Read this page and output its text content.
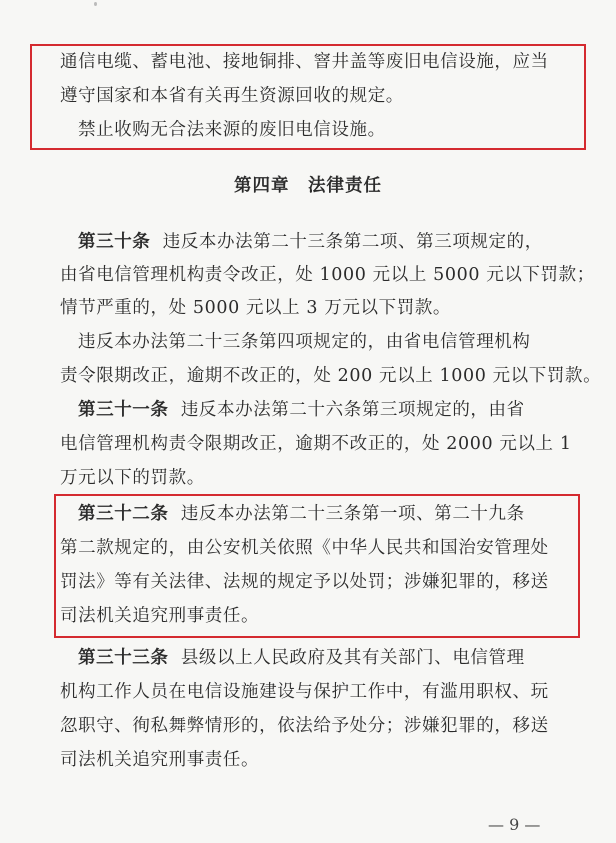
通信电缆、蓄电池、接地铜排、窨井盖等废旧电信设施，应当
遵守国家和本省有关再生资源回收的规定。
禁止收购无合法来源的废旧电信设施。
第四章　法律责任
第三十条 违反本办法第二十三条第二项、第三项规定的，
由省电信管理机构责令改正，处 1000 元以上 5000 元以下罚款；
情节严重的，处 5000 元以上 3 万元以下罚款。
违反本办法第二十三条第四项规定的，由省电信管理机构
责令限期改正，逾期不改正的，处 200 元以上 1000 元以下罚款。
第三十一条 违反本办法第二十六条第三项规定的，由省
电信管理机构责令限期改正，逾期不改正的，处 2000 元以上 1
万元以下的罚款。
第三十二条 违反本办法第二十三条第一项、第二十九条
第二款规定的，由公安机关依照《中华人民共和国治安管理处
罚法》等有关法律、法规的规定予以处罚；涉嫌犯罪的，移送
司法机关追究刑事责任。
第三十三条 县级以上人民政府及其有关部门、电信管理
机构工作人员在电信设施建设与保护工作中，有滥用职权、玩
忽职守、徇私舞弊情形的，依法给予处分；涉嫌犯罪的，移送
司法机关追究刑事责任。
— 9 —
